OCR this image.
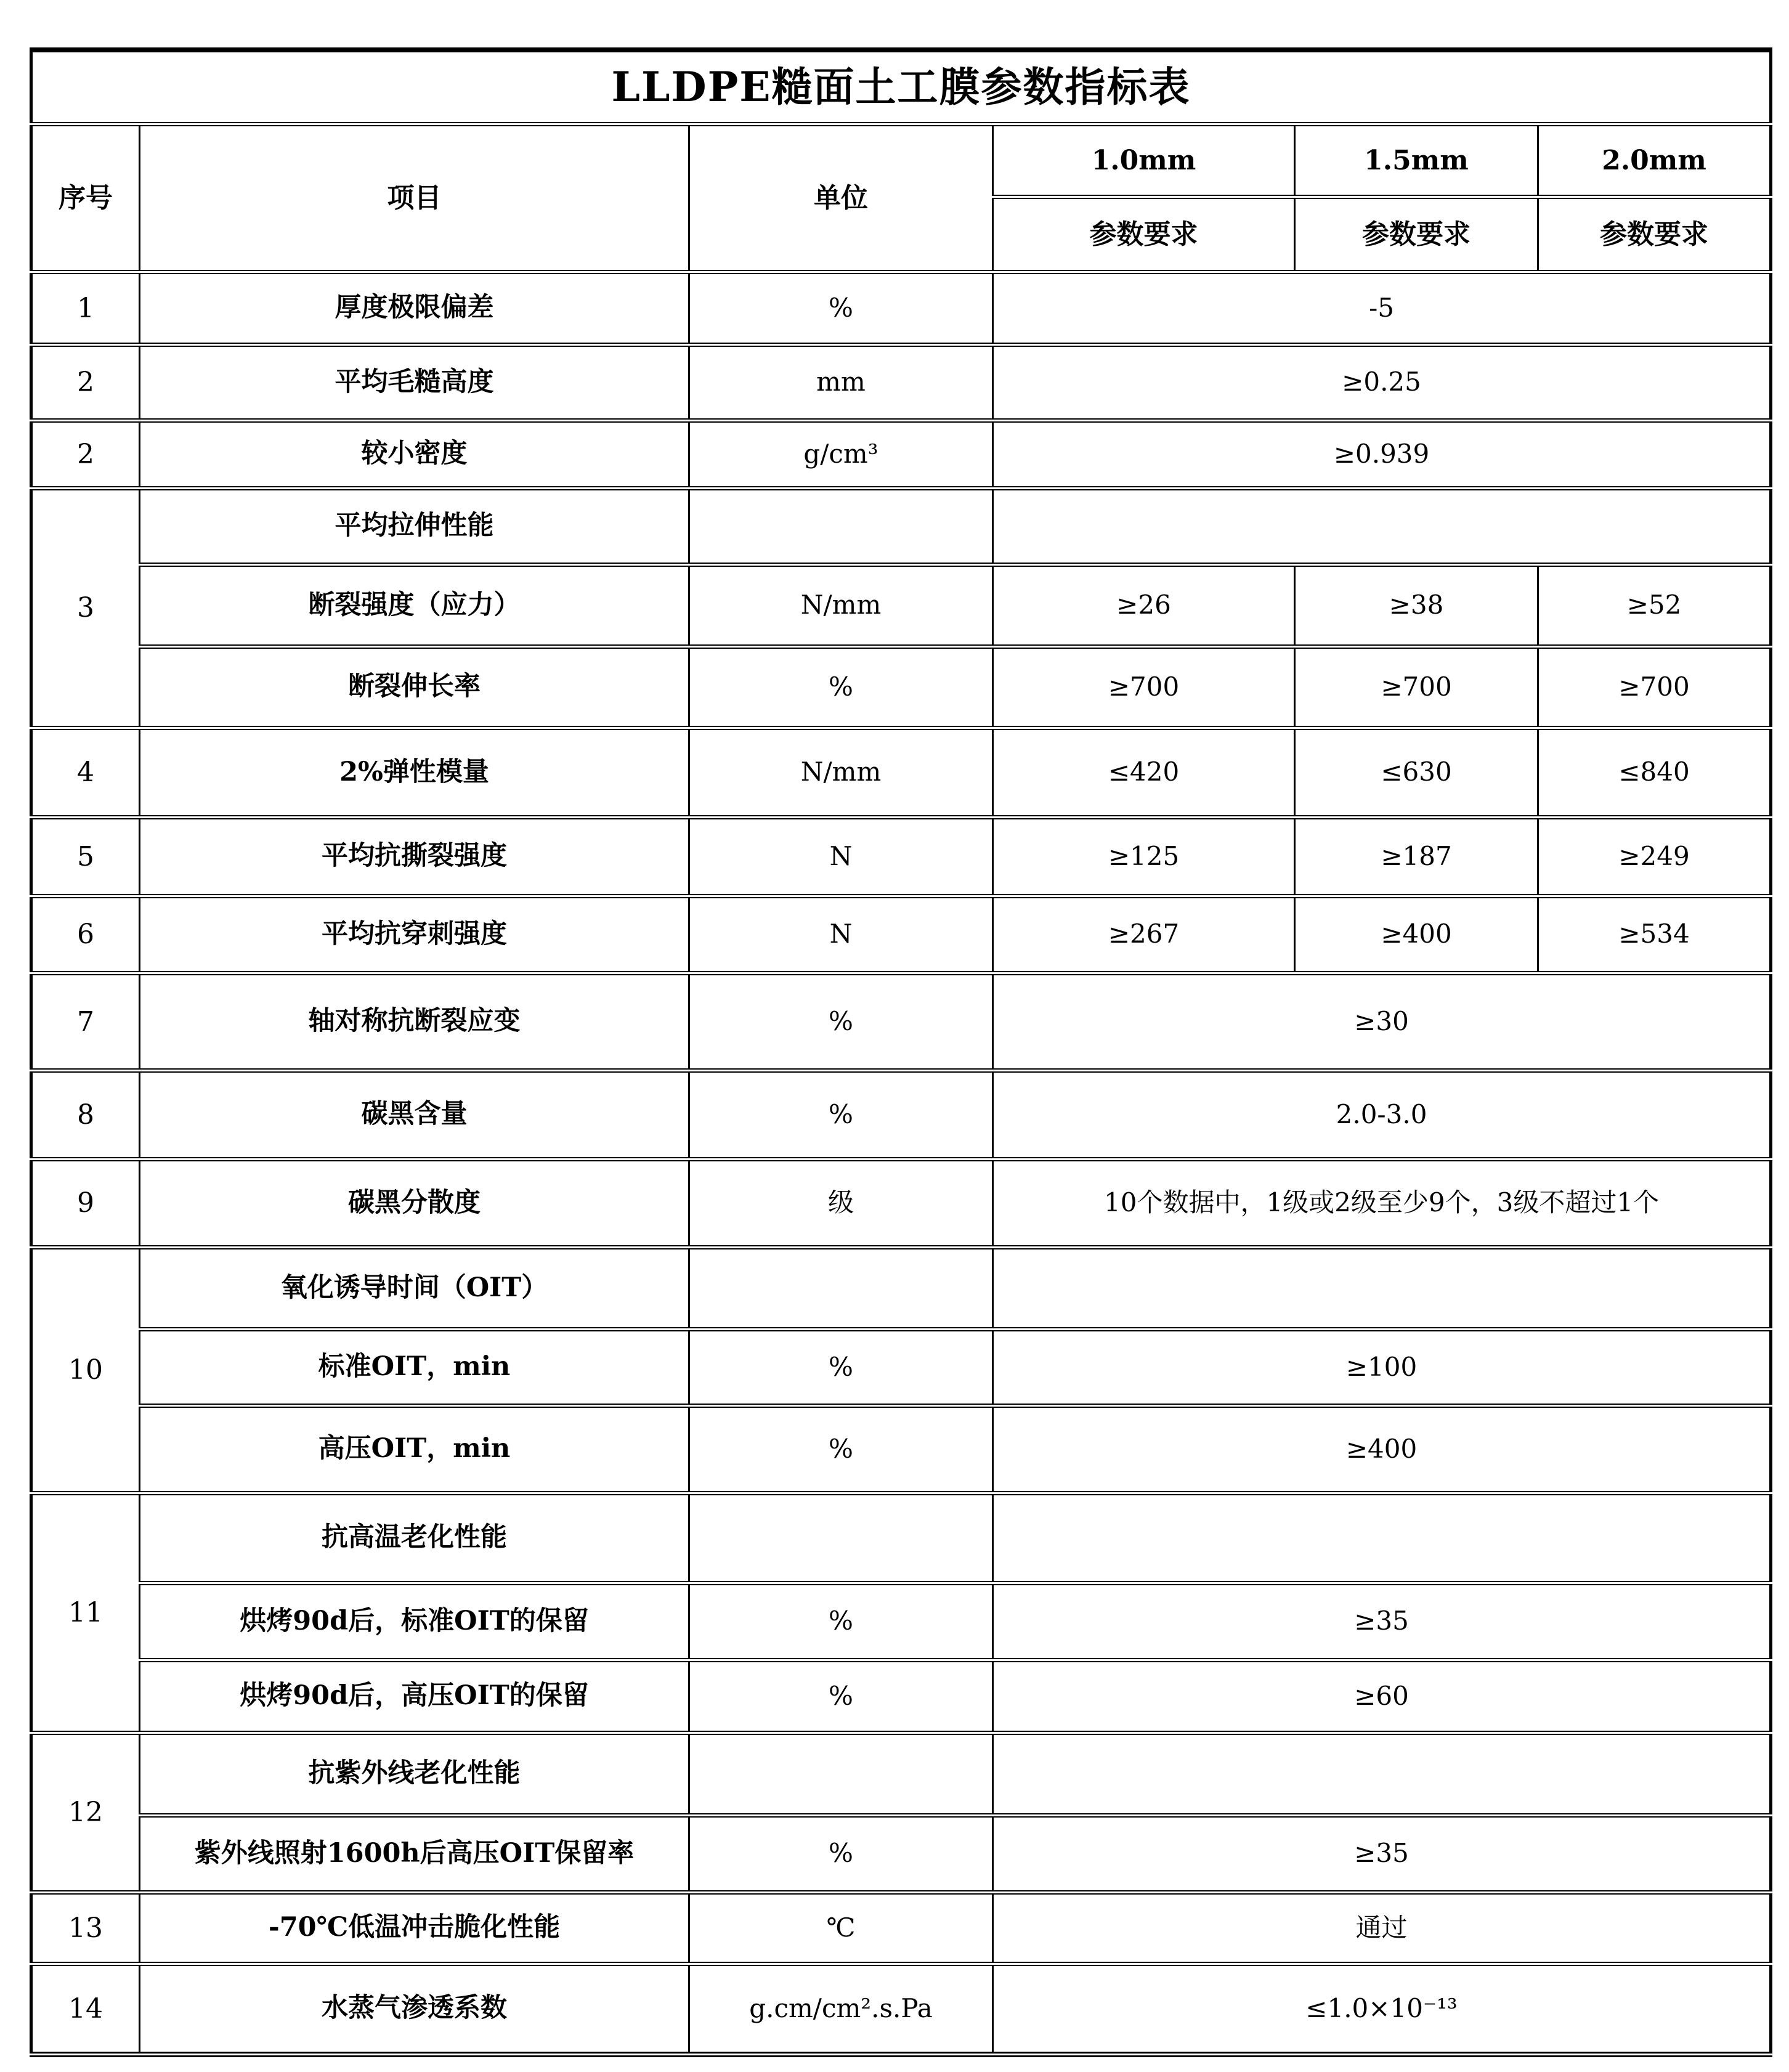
LLDPE糙面土工膜参数指标表					
序号	项目	单位	1.0mm	1.5mm	2.0mm
			参数要求	参数要求	参数要求
1	厚度极限偏差	%	-5		
2	平均毛糙高度	mm	≥0.25		
2	较小密度	g/cm³	≥0.939		
3	平均拉伸性能				
	断裂强度（应力）	N/mm	≥26	≥38	≥52
	断裂伸长率	%	≥700	≥700	≥700
4	2%弹性模量	N/mm	≤420	≤630	≤840
5	平均抗撕裂强度	N	≥125	≥187	≥249
6	平均抗穿刺强度	N	≥267	≥400	≥534
7	轴对称抗断裂应变	%	≥30		
8	碳黑含量	%	2.0-3.0		
9	碳黑分散度	级	10个数据中，1级或2级至少9个，3级不超过1个		
10	氧化诱导时间（OIT）				
	标准OIT，min	%	≥100		
	高压OIT，min	%	≥400		
11	抗高温老化性能				
	烘烤90d后，标准OIT的保留	%	≥35		
	烘烤90d后，高压OIT的保留	%	≥60		
12	抗紫外线老化性能				
	紫外线照射1600h后高压OIT保留率	%	≥35		
13	-70℃低温冲击脆化性能	℃	通过		
14	水蒸气渗透系数	g.cm/cm².s.Pa	≤1.0×10⁻¹³		
